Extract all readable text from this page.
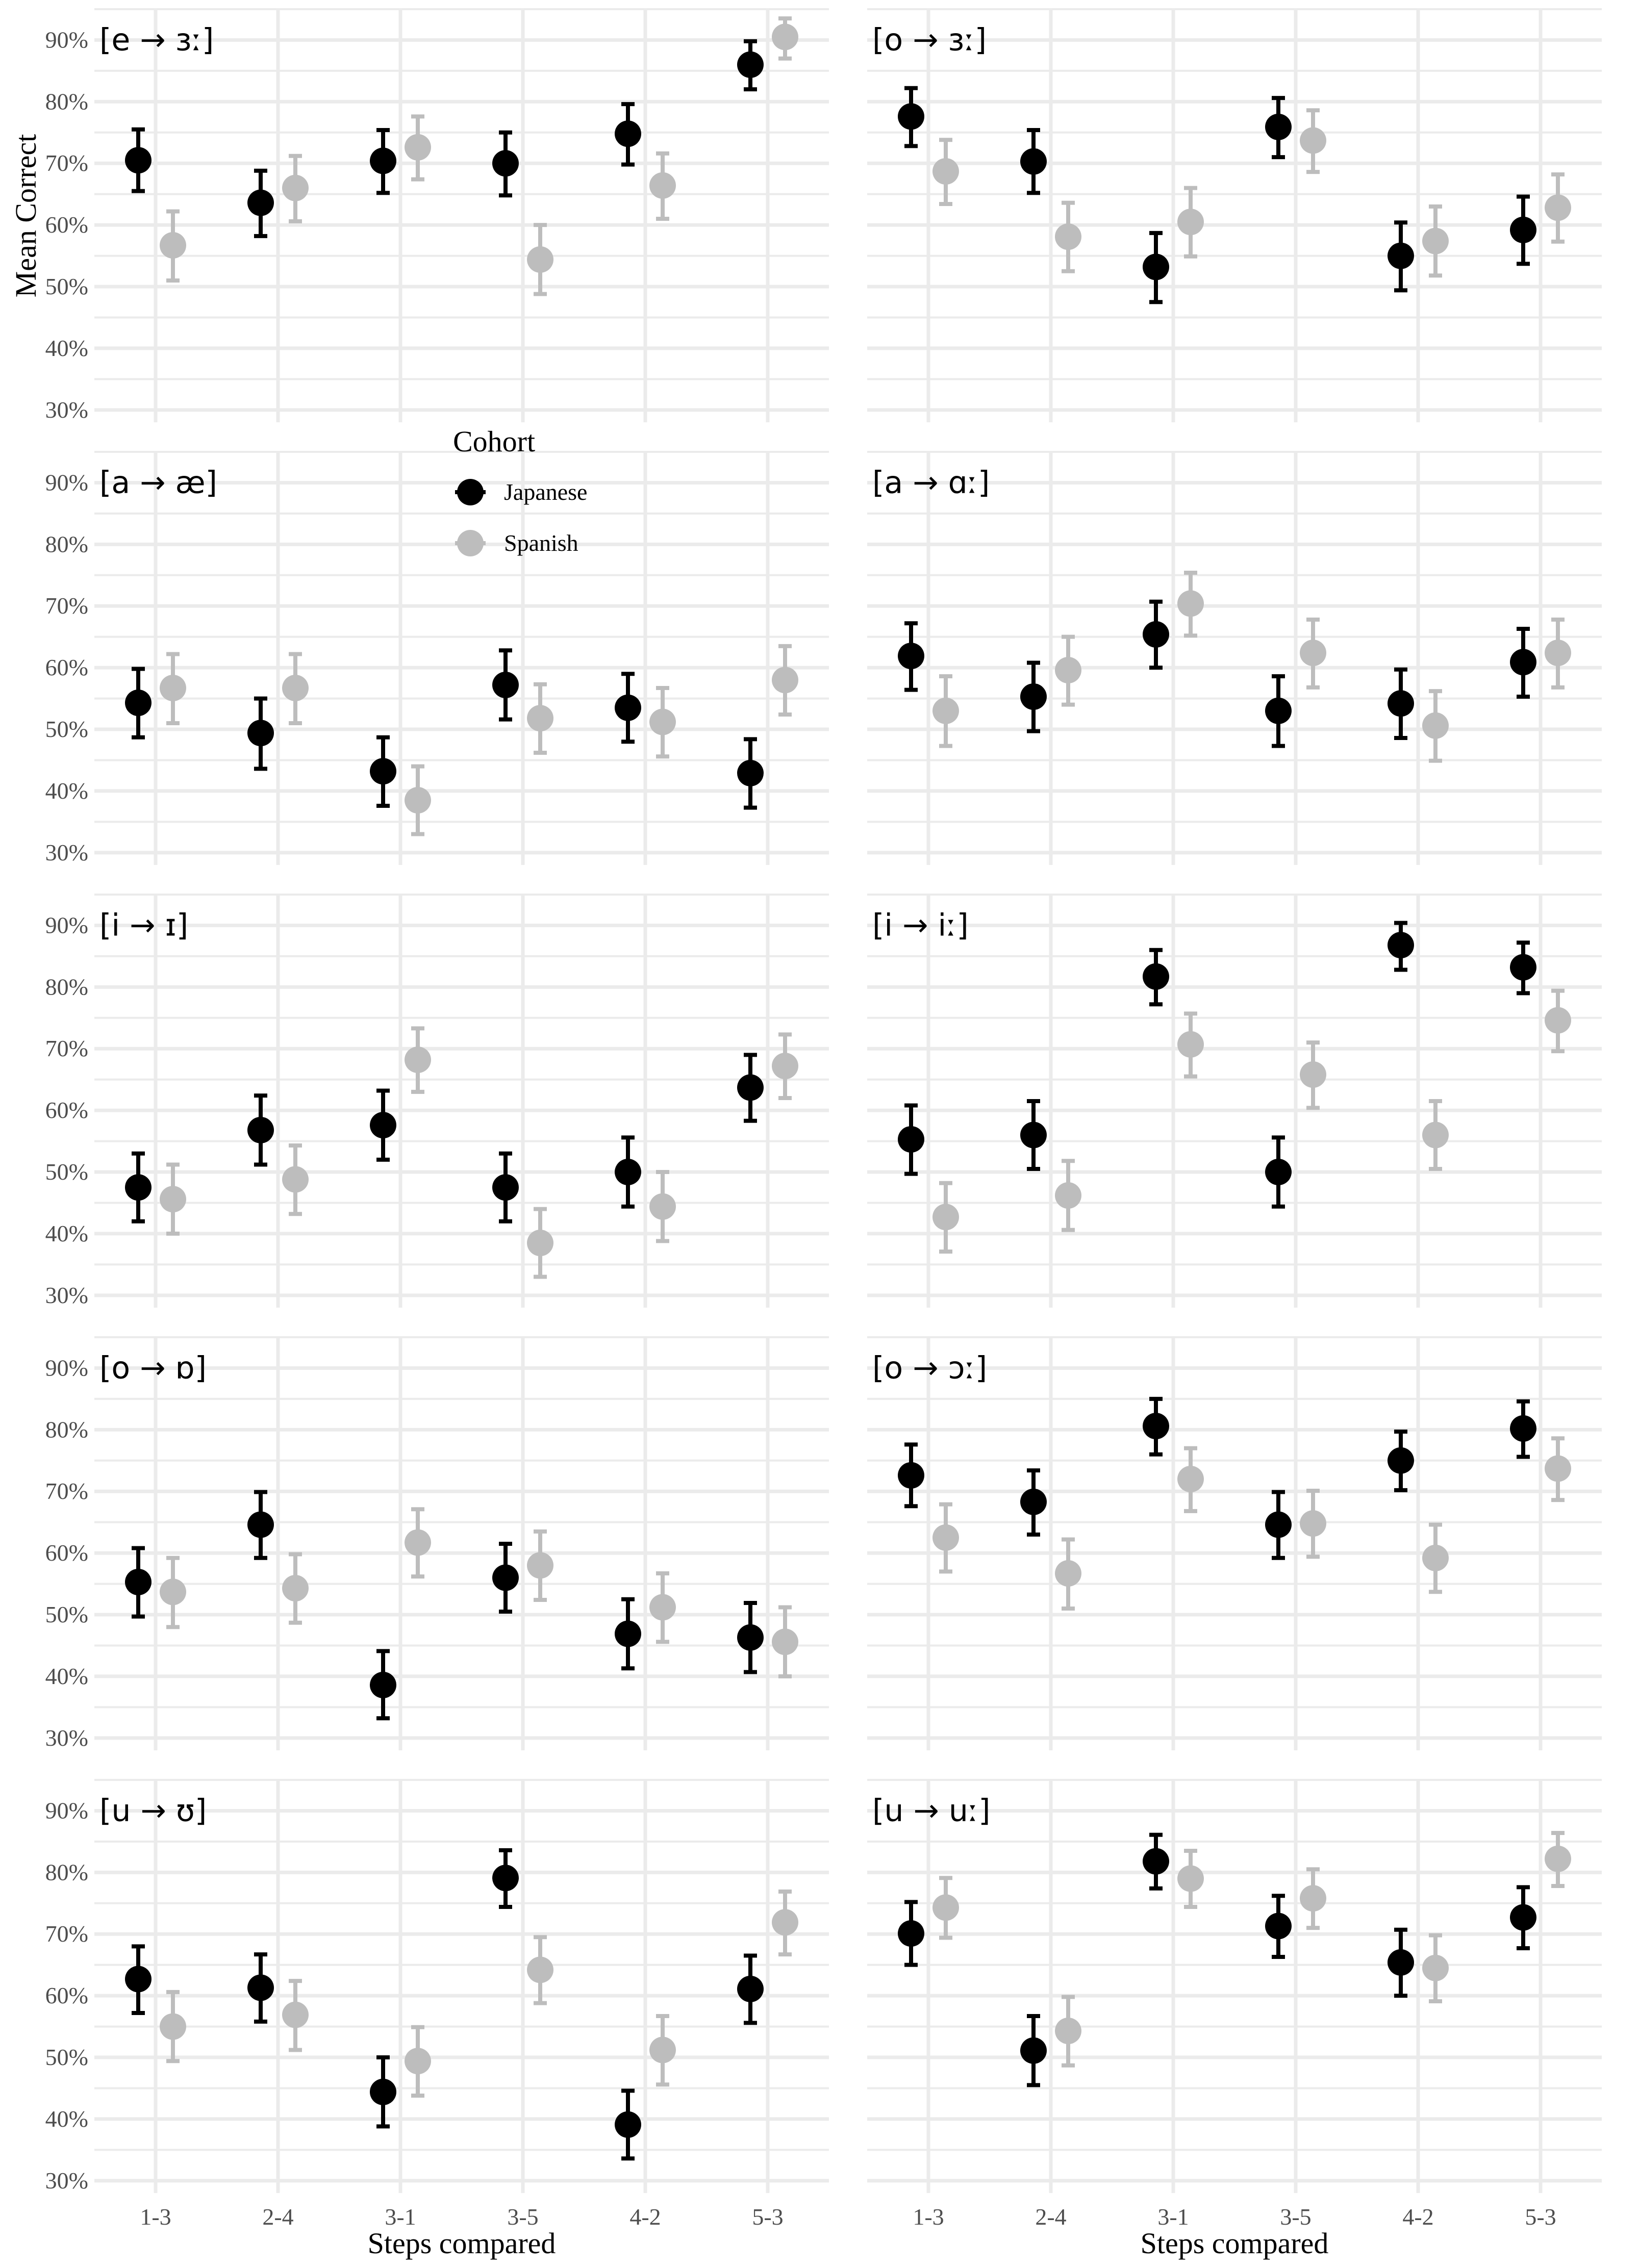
30%
40%
50%
60%
70%
80%
90% [e → ɜː]	[o → ɜː]
30%
40%
50%
60%
70%
80%
90% [a → æ]	[a → ɑː]
30%
40%
50%
60%
70%
80%
90% [i → ɪ]	[i → iː]
30%
40%
50%
60%
70%
80%
90% [o → ɒ]	[o → ɔː]
30%
40%
50%
60%
70%
80%
90%
1-3	2-4	3-1	3-5	4-2	5-3
[u → ʊ]
1-3	2-4	3-1	3-5	4-2	5-3
[u → uː]
Mean Correct
Steps compared	Steps compared
Cohort
Japanese
Spanish
